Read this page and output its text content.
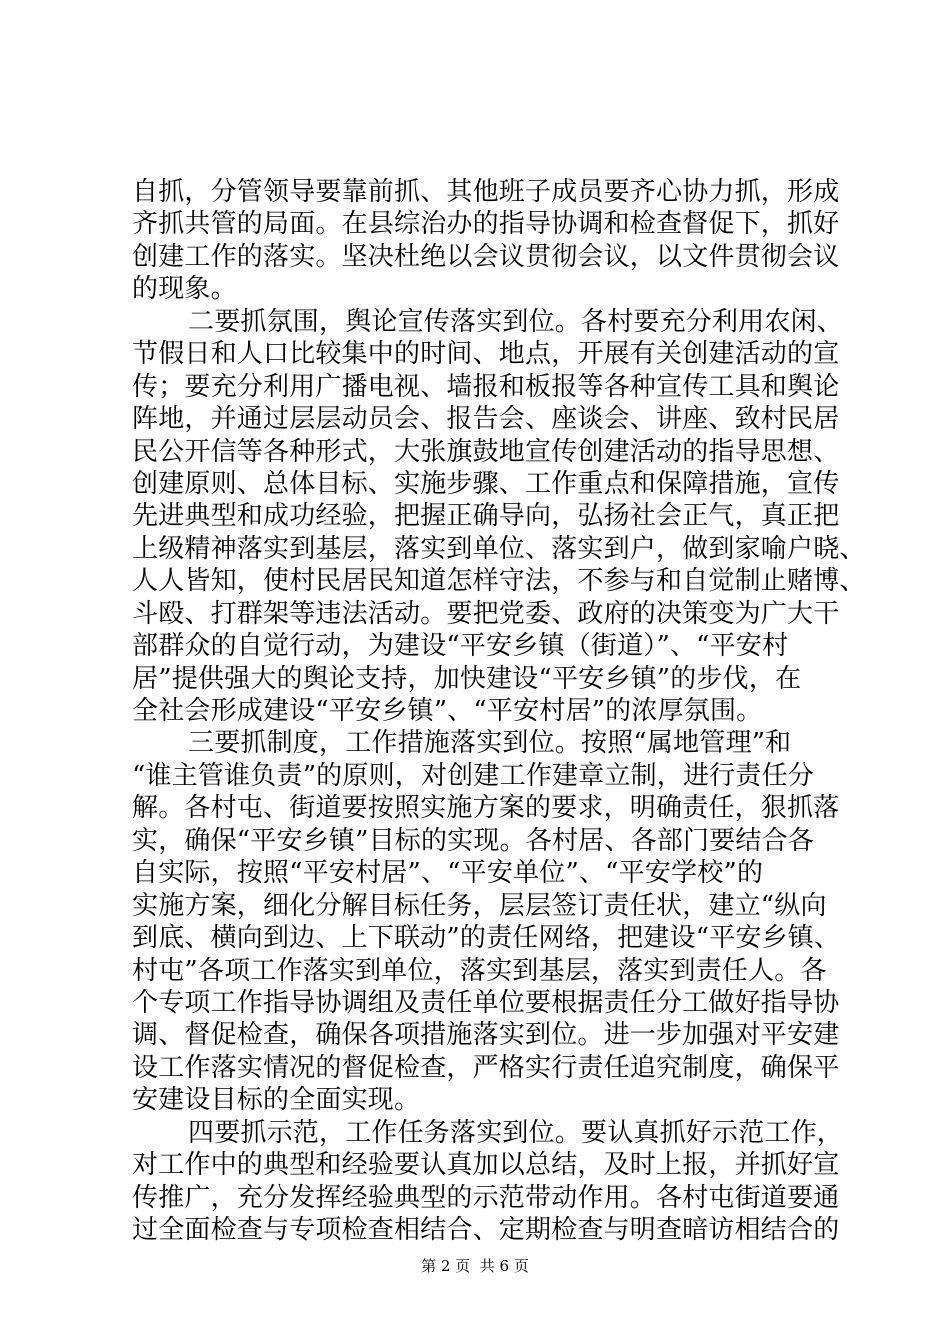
自抓，分管领导要靠前抓、其他班子成员要齐心协力抓，形成
齐抓共管的局面。在县综治办的指导协调和检查督促下，抓好
创建工作的落实。坚决杜绝以会议贯彻会议，以文件贯彻会议
的现象。
二要抓氛围，舆论宣传落实到位。各村要充分利用农闲、
节假日和人口比较集中的时间、地点，开展有关创建活动的宣
传；要充分利用广播电视、墙报和板报等各种宣传工具和舆论
阵地，并通过层层动员会、报告会、座谈会、讲座、致村民居
民公开信等各种形式，大张旗鼓地宣传创建活动的指导思想、
创建原则、总体目标、实施步骤、工作重点和保障措施，宣传
先进典型和成功经验，把握正确导向，弘扬社会正气，真正把
上级精神落实到基层，落实到单位、落实到户，做到家喻户晓、
人人皆知，使村民居民知道怎样守法，不参与和自觉制止赌博、
斗殴、打群架等违法活动。要把党委、政府的决策变为广大干
部群众的自觉行动，为建设“平安乡镇（街道）”、“平安村
居”提供强大的舆论支持，加快建设“平安乡镇”的步伐，在
全社会形成建设“平安乡镇”、“平安村居”的浓厚氛围。
三要抓制度，工作措施落实到位。按照“属地管理”和
“谁主管谁负责”的原则，对创建工作建章立制，进行责任分
解。各村屯、街道要按照实施方案的要求，明确责任，狠抓落
实，确保“平安乡镇”目标的实现。各村居、各部门要结合各
自实际，按照“平安村居”、“平安单位”、“平安学校”的
实施方案，细化分解目标任务，层层签订责任状，建立“纵向
到底、横向到边、上下联动”的责任网络，把建设“平安乡镇、
村屯”各项工作落实到单位，落实到基层，落实到责任人。各
个专项工作指导协调组及责任单位要根据责任分工做好指导协
调、督促检查，确保各项措施落实到位。进一步加强对平安建
设工作落实情况的督促检查，严格实行责任追究制度，确保平
安建设目标的全面实现。
四要抓示范，工作任务落实到位。要认真抓好示范工作，
对工作中的典型和经验要认真加以总结，及时上报，并抓好宣
传推广，充分发挥经验典型的示范带动作用。各村屯街道要通
过全面检查与专项检查相结合、定期检查与明查暗访相结合的
第 2 页  共 6 页
